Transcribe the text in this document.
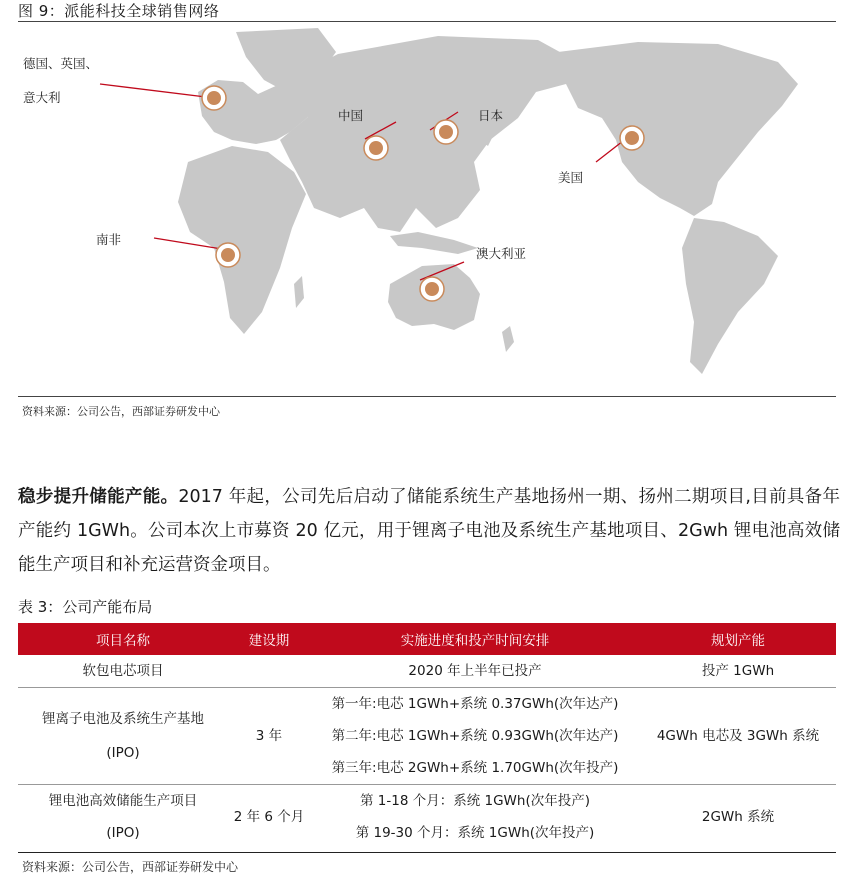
图 9：派能科技全球销售网络
德国、英国、
意大利
中国	日本
美国
南非
澳大利亚
资料来源：公司公告，西部证券研发中心
稳步提升储能产能。2017 年起，公司先后启动了储能系统生产基地扬州一期、扬州二期项目,目前具备年产能约 1GWh。公司本次上市募资 20 亿元，用于锂离子电池及系统生产基地项目、2Gwh 锂电池高效储能生产项目和补充运营资金项目。
表 3：公司产能布局
项目名称	建设期	实施进度和投产时间安排	规划产能
软包电芯项目		2020 年上半年已投产	投产 1GWh

锂离子电池及系统生产基地
(IPO)	3 年	第一年:电芯 1GWh+系统 0.37GWh(次年达产)	4GWh 电芯及 3GWh 系统
		第二年:电芯 1GWh+系统 0.93GWh(次年达产)	
		第三年:电芯 2GWh+系统 1.70GWh(次年投产)	

锂电池高效储能生产项目
(IPO)	2 年 6 个月	第 1-18 个月：系统 1GWh(次年投产)	2GWh 系统
		第 19-30 个月：系统 1GWh(次年投产)	
资料来源：公司公告，西部证券研发中心
